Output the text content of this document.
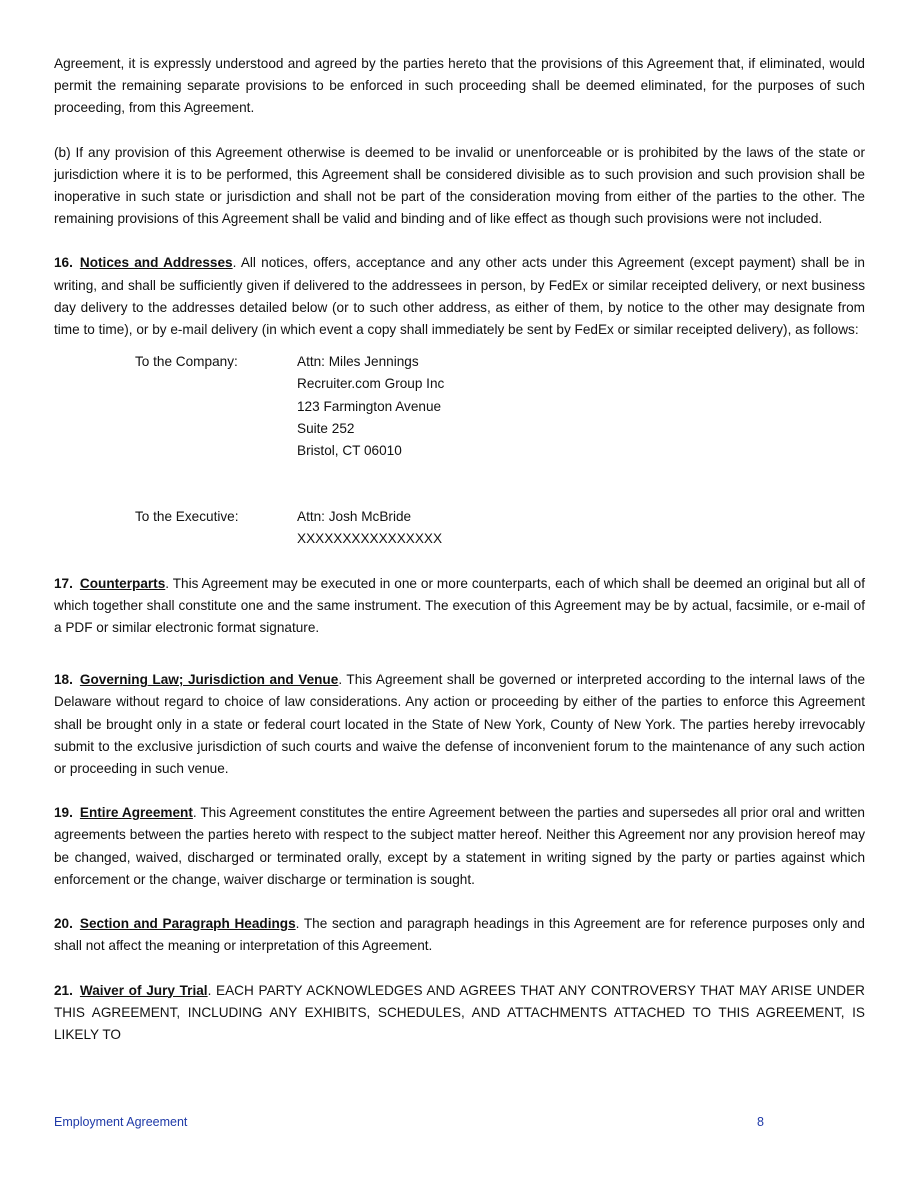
Agreement, it is expressly understood and agreed by the parties hereto that the provisions of this Agreement that, if eliminated, would permit the remaining separate provisions to be enforced in such proceeding shall be deemed eliminated, for the purposes of such proceeding, from this Agreement.

(b) If any provision of this Agreement otherwise is deemed to be invalid or unenforceable or is prohibited by the laws of the state or jurisdiction where it is to be performed, this Agreement shall be considered divisible as to such provision and such provision shall be inoperative in such state or jurisdiction and shall not be part of the consideration moving from either of the parties to the other. The remaining provisions of this Agreement shall be valid and binding and of like effect as though such provisions were not included.

16. Notices and Addresses. All notices, offers, acceptance and any other acts under this Agreement (except payment) shall be in writing, and shall be sufficiently given if delivered to the addressees in person, by FedEx or similar receipted delivery, or next business day delivery to the addresses detailed below (or to such other address, as either of them, by notice to the other may designate from time to time), or by e-mail delivery (in which event a copy shall immediately be sent by FedEx or similar receipted delivery), as follows:

To the Company:	Attn: Miles Jennings
Recruiter.com Group Inc
123 Farmington Avenue
Suite 252
Bristol, CT 06010
To the Executive:	Attn: Josh McBride
XXXXXXXXXXXXXXXX

17. Counterparts. This Agreement may be executed in one or more counterparts, each of which shall be deemed an original but all of which together shall constitute one and the same instrument. The execution of this Agreement may be by actual, facsimile, or e-mail of a PDF or similar electronic format signature.

18. Governing Law; Jurisdiction and Venue. This Agreement shall be governed or interpreted according to the internal laws of the Delaware without regard to choice of law considerations. Any action or proceeding by either of the parties to enforce this Agreement shall be brought only in a state or federal court located in the State of New York, County of New York. The parties hereby irrevocably submit to the exclusive jurisdiction of such courts and waive the defense of inconvenient forum to the maintenance of any such action or proceeding in such venue.

19. Entire Agreement. This Agreement constitutes the entire Agreement between the parties and supersedes all prior oral and written agreements between the parties hereto with respect to the subject matter hereof. Neither this Agreement nor any provision hereof may be changed, waived, discharged or terminated orally, except by a statement in writing signed by the party or parties against which enforcement or the change, waiver discharge or termination is sought.

20. Section and Paragraph Headings. The section and paragraph headings in this Agreement are for reference purposes only and shall not affect the meaning or interpretation of this Agreement.

21. Waiver of Jury Trial. EACH PARTY ACKNOWLEDGES AND AGREES THAT ANY CONTROVERSY THAT MAY ARISE UNDER THIS AGREEMENT, INCLUDING ANY EXHIBITS, SCHEDULES, AND ATTACHMENTS ATTACHED TO THIS AGREEMENT, IS LIKELY TO

Employment Agreement	8
